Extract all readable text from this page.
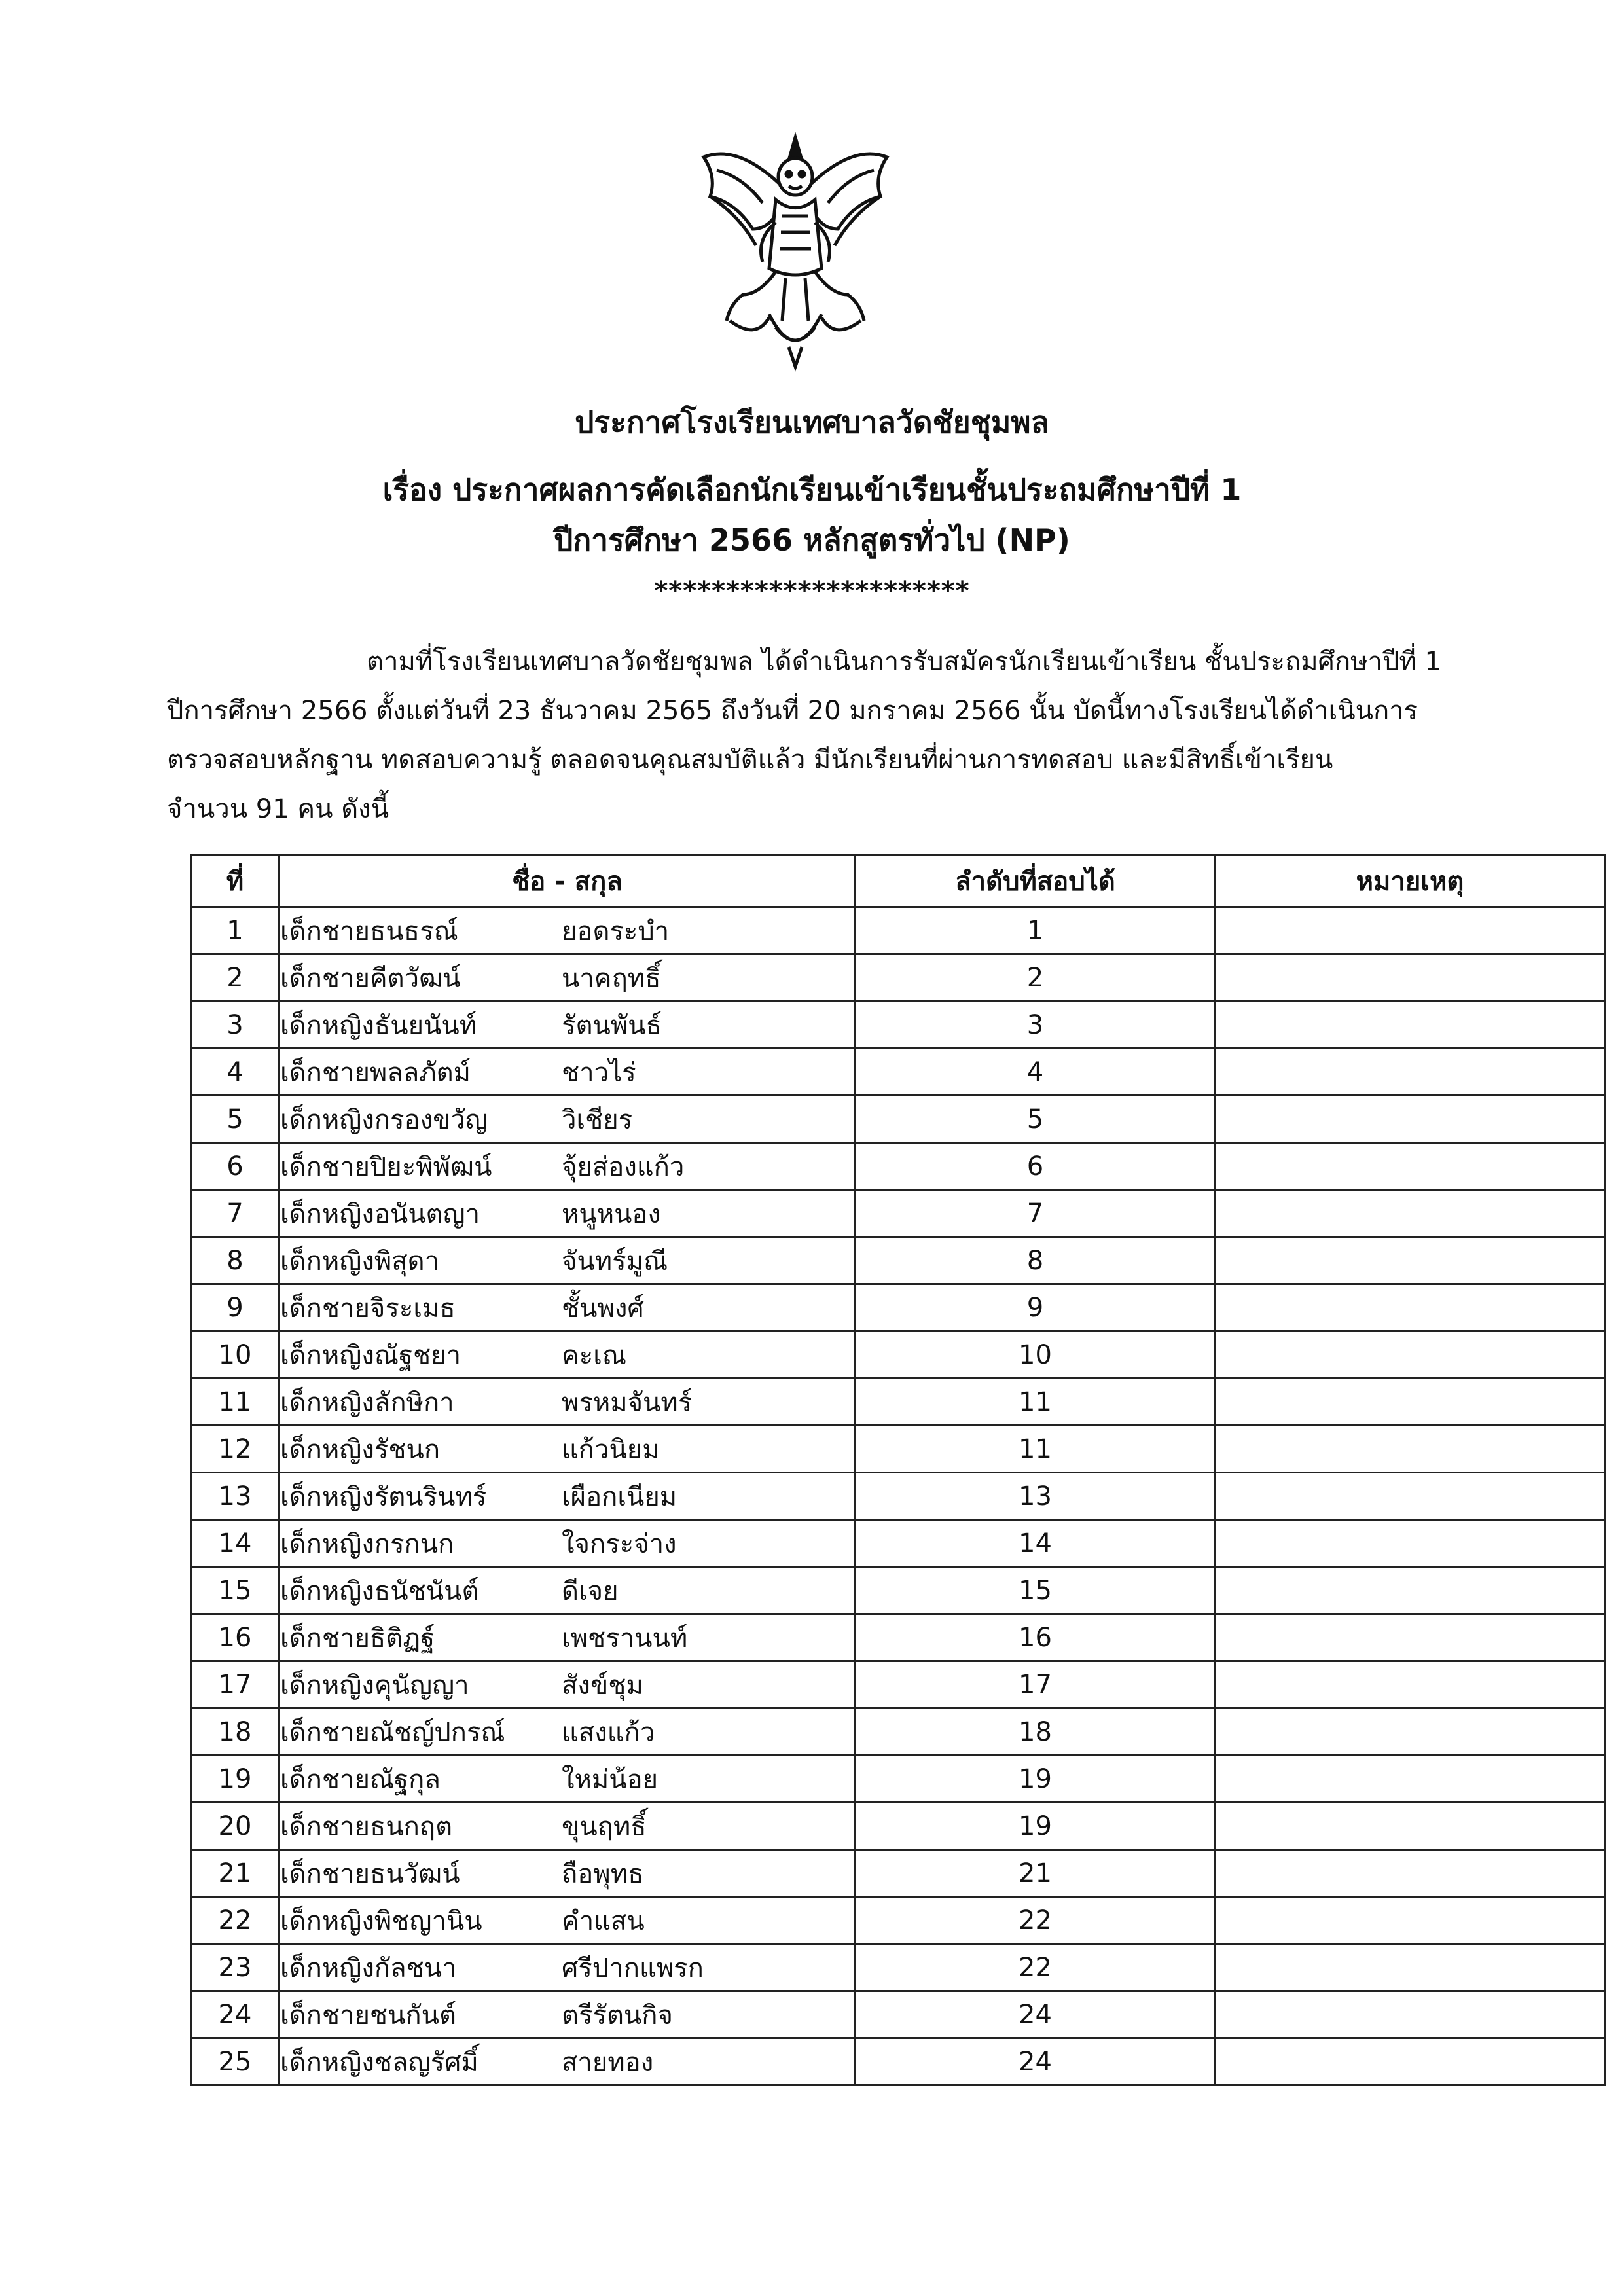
ประกาศโรงเรียนเทศบาลวัดชัยชุมพล
เรื่อง ประกาศผลการคัดเลือกนักเรียนเข้าเรียนชั้นประถมศึกษาปีที่ 1
ปีการศึกษา 2566 หลักสูตรทั่วไป (NP)
**********************
ตามที่โรงเรียนเทศบาลวัดชัยชุมพล ได้ดำเนินการรับสมัครนักเรียนเข้าเรียน ชั้นประถมศึกษาปีที่ 1
ปีการศึกษา 2566 ตั้งแต่วันที่ 23 ธันวาคม 2565 ถึงวันที่ 20 มกราคม 2566 นั้น บัดนี้ทางโรงเรียนได้ดำเนินการ
ตรวจสอบหลักฐาน ทดสอบความรู้ ตลอดจนคุณสมบัติแล้ว มีนักเรียนที่ผ่านการทดสอบ และมีสิทธิ์เข้าเรียน
จำนวน 91 คน ดังนี้
ที่	ชื่อ - สกุล	ลำดับที่สอบได้	หมายเหตุ
1	เด็กชายธนธรณ์ ยอดระบำ	1	
2	เด็กชายคีตวัฒน์ นาคฤทธิ์	2	
3	เด็กหญิงธันยนันท์ รัตนพันธ์	3	
4	เด็กชายพลลภัตม์ ชาวไร่	4	
5	เด็กหญิงกรองขวัญ วิเชียร	5	
6	เด็กชายปิยะพิพัฒน์ จุ้ยส่องแก้ว	6	
7	เด็กหญิงอนันตญา หนูหนอง	7	
8	เด็กหญิงพิสุดา จันทร์มูณี	8	
9	เด็กชายจิระเมธ ชั้นพงศ์	9	
10	เด็กหญิงณัฐชยา คะเณ	10	
11	เด็กหญิงลักษิกา พรหมจันทร์	11	
12	เด็กหญิงรัชนก แก้วนิยม	11	
13	เด็กหญิงรัตนรินทร์ เผือกเนียม	13	
14	เด็กหญิงกรกนก ใจกระจ่าง	14	
15	เด็กหญิงธนัชนันต์ ดีเจย	15	
16	เด็กชายธิติฏฐ์ เพชรานนท์	16	
17	เด็กหญิงคุนัญญา สังข์ชุม	17	
18	เด็กชายณัชญ์ปกรณ์ แสงแก้ว	18	
19	เด็กชายณัฐกุล ใหม่น้อย	19	
20	เด็กชายธนกฤต ขุนฤทธิ์	19	
21	เด็กชายธนวัฒน์ ถือพุทธ	21	
22	เด็กหญิงพิชญานิน คำแสน	22	
23	เด็กหญิงกัลชนา ศรีปากแพรก	22	
24	เด็กชายชนกันต์ ตรีรัตนกิจ	24	
25	เด็กหญิงชลญรัศมิ์ สายทอง	24	
